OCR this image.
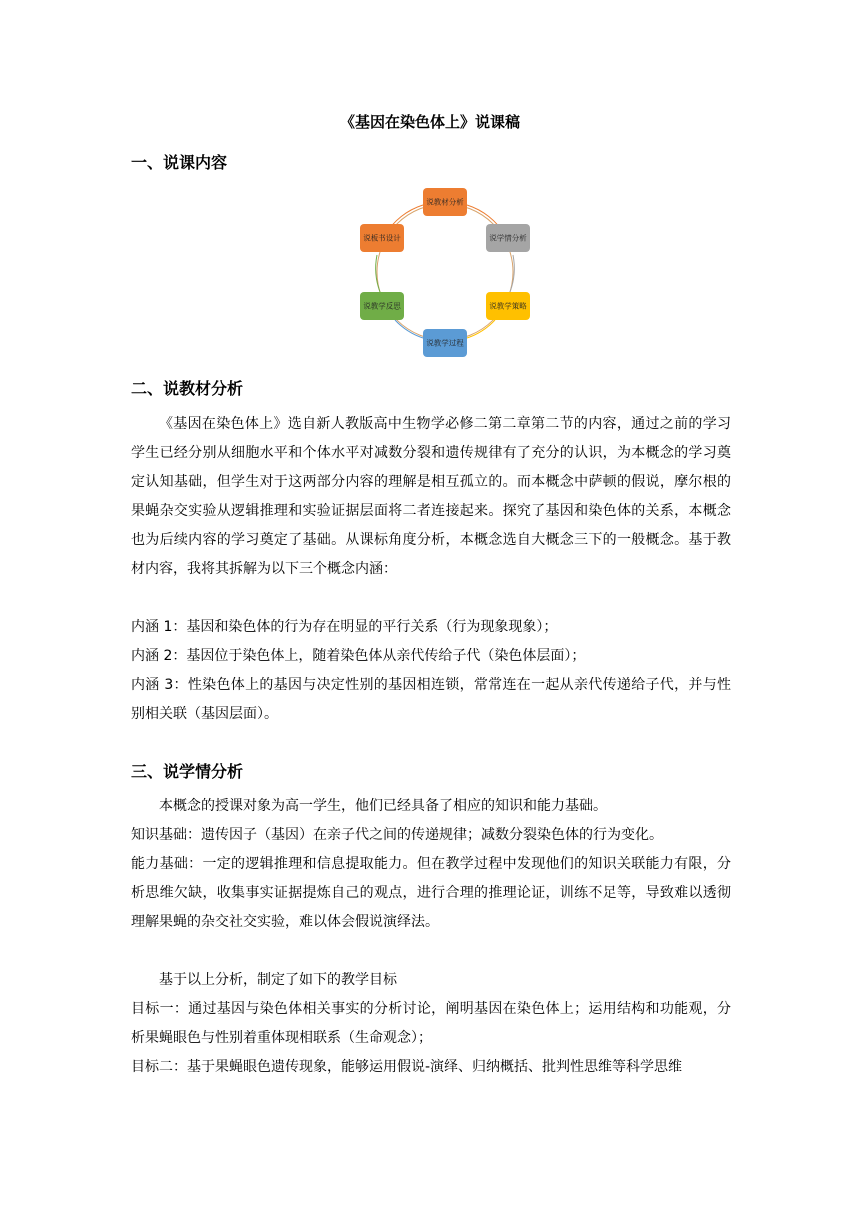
《基因在染色体上》说课稿
一、说课内容
说教材分析
说学情分析
说教学策略
说教学过程
说教学反思
说板书设计
二、说教材分析
《基因在染色体上》选自新人教版高中生物学必修二第二章第二节的内容，通过之前的学习学生已经分别从细胞水平和个体水平对减数分裂和遗传规律有了充分的认识，为本概念的学习奠定认知基础，但学生对于这两部分内容的理解是相互孤立的。而本概念中萨顿的假说，摩尔根的果蝇杂交实验从逻辑推理和实验证据层面将二者连接起来。探究了基因和染色体的关系，本概念也为后续内容的学习奠定了基础。从课标角度分析，本概念选自大概念三下的一般概念。基于教材内容，我将其拆解为以下三个概念内涵：
内涵 1：基因和染色体的行为存在明显的平行关系（行为现象现象）；
内涵 2：基因位于染色体上，随着染色体从亲代传给子代（染色体层面）；
内涵 3：性染色体上的基因与决定性别的基因相连锁，常常连在一起从亲代传递给子代，并与性别相关联（基因层面）。
三、说学情分析
本概念的授课对象为高一学生，他们已经具备了相应的知识和能力基础。
知识基础：遗传因子（基因）在亲子代之间的传递规律；减数分裂染色体的行为变化。
能力基础：一定的逻辑推理和信息提取能力。但在教学过程中发现他们的知识关联能力有限，分析思维欠缺，收集事实证据提炼自己的观点，进行合理的推理论证，训练不足等，导致难以透彻理解果蝇的杂交社交实验，难以体会假说演绎法。
基于以上分析，制定了如下的教学目标
目标一：通过基因与染色体相关事实的分析讨论，阐明基因在染色体上；运用结构和功能观，分析果蝇眼色与性别着重体现相联系（生命观念）；
目标二：基于果蝇眼色遗传现象，能够运用假说-演绎、归纳概括、批判性思维等科学思维
